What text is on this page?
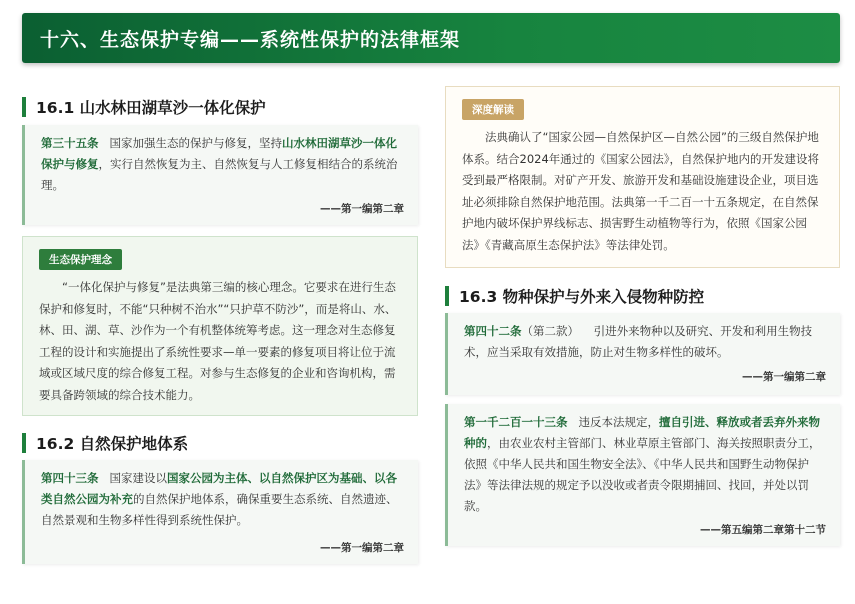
十六、生态保护专编——系统性保护的法律框架
16.1 山水林田湖草沙一体化保护
第三十五条 国家加强生态的保护与修复，坚持山水林田湖草沙一体化保护与修复，实行自然恢复为主、自然恢复与人工修复相结合的系统治理。
——第一编第二章
生态保护理念
“一体化保护与修复”是法典第三编的核心理念。它要求在进行生态保护和修复时，不能“只种树不治水”“只护草不防沙”，而是将山、水、林、田、湖、草、沙作为一个有机整体统筹考虑。这一理念对生态修复工程的设计和实施提出了系统性要求—单一要素的修复项目将让位于流域或区域尺度的综合修复工程。对参与生态修复的企业和咨询机构，需要具备跨领域的综合技术能力。
16.2 自然保护地体系
第四十三条 国家建设以国家公园为主体、以自然保护区为基础、以各类自然公园为补充的自然保护地体系，确保重要生态系统、自然遗迹、自然景观和生物多样性得到系统性保护。
——第一编第二章
深度解读
法典确认了“国家公园—自然保护区—自然公园”的三级自然保护地体系。结合2024年通过的《国家公园法》，自然保护地内的开发建设将受到最严格限制。对矿产开发、旅游开发和基础设施建设企业，项目选址必须排除自然保护地范围。法典第一千二百一十五条规定，在自然保护地内破坏保护界线标志、损害野生动植物等行为，依照《国家公园法》《青藏高原生态保护法》等法律处罚。
16.3 物种保护与外来入侵物种防控
第四十二条（第二款） 引进外来物种以及研究、开发和利用生物技术，应当采取有效措施，防止对生物多样性的破坏。
——第一编第二章
第一千二百一十三条 违反本法规定，擅自引进、释放或者丢弃外来物种的，由农业农村主管部门、林业草原主管部门、海关按照职责分工，依照《中华人民共和国生物安全法》、《中华人民共和国野生动物保护法》等法律法规的规定予以没收或者责令限期捕回、找回，并处以罚款。
——第五编第二章第十二节
